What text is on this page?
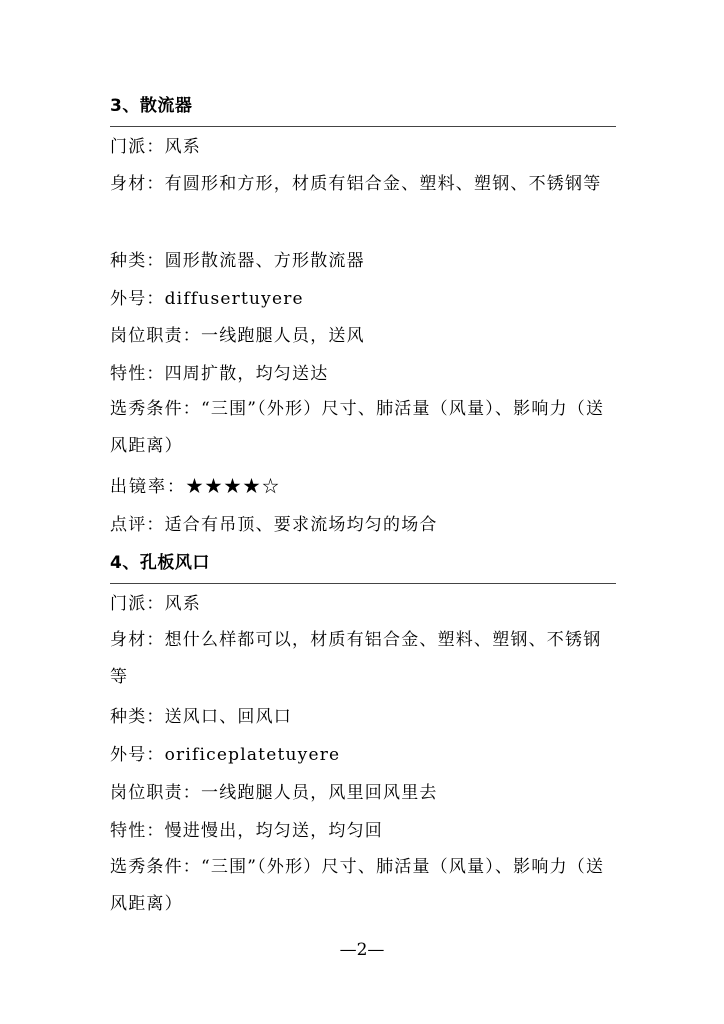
3、散流器
门派：风系
身材：有圆形和方形，材质有铝合金、塑料、塑钢、不锈钢等
种类：圆形散流器、方形散流器
外号：diffusertuyere
岗位职责：一线跑腿人员，送风
特性：四周扩散，均匀送达
选秀条件：“三围”（外形）尺寸、肺活量（风量）、影响力（送风距离）
出镜率：★★★★☆
点评：适合有吊顶、要求流场均匀的场合
4、孔板风口
门派：风系
身材：想什么样都可以，材质有铝合金、塑料、塑钢、不锈钢等
种类：送风口、回风口
外号：orificeplatetuyere
岗位职责：一线跑腿人员，风里回风里去
特性：慢进慢出，均匀送，均匀回
选秀条件：“三围”（外形）尺寸、肺活量（风量）、影响力（送风距离）
—2—
